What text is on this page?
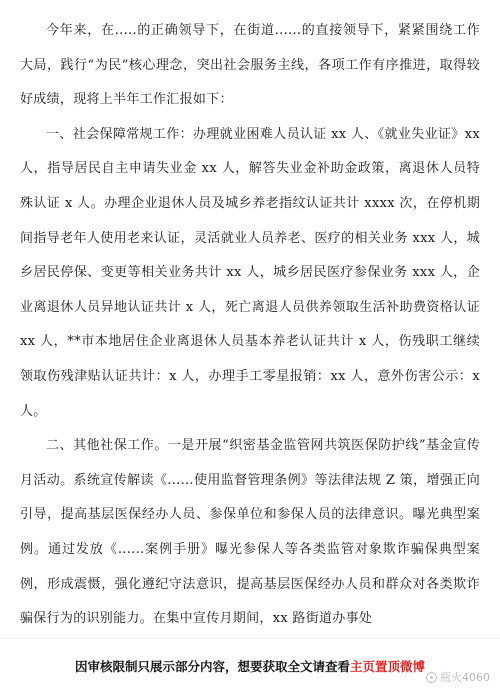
今年来，在.....的正确领导下，在街道......的直接领导下，紧紧围绕工作大局，践行“为民”核心理念，突出社会服务主线，各项工作有序推进，取得较好成绩，现将上半年工作汇报如下：

一、社会保障常规工作：办理就业困难人员认证 xx 人、《就业失业证》xx 人，指导居民自主申请失业金 xx 人，解答失业金补助金政策，离退休人员特殊认证 x 人。办理企业退休人员及城乡养老指纹认证共计 xxxx 次，在停机期间指导老年人使用老来认证，灵活就业人员养老、医疗的相关业务 xxx 人，城乡居民停保、变更等相关业务共计 xx 人，城乡居民医疗参保业务 xxx 人，企业离退休人员异地认证共计 x 人，死亡离退人员供养领取生活补助费资格认证 xx 人，**市本地居住企业离退休人员基本养老认证共计 x 人，伤残职工继续领取伤残津贴认证共计：x 人，办理手工零星报销：xx 人，意外伤害公示：x 人。

二、其他社保工作。一是开展“织密基金监管网共筑医保防护线”基金宣传月活动。系统宣传解读《......使用监督管理条例》等法律法规 Z 策，增强正向引导，提高基层医保经办人员、参保单位和参保人员的法律意识。曝光典型案例。通过发放《......案例手册》曝光参保人等各类监管对象欺诈骗保典型案例，形成震慑，强化遵纪守法意识，提高基层医保经办人员和群众对各类欺诈骗保行为的识别能力。在集中宣传月期间，xx 路街道办事处

因审核限制只展示部分内容，想要获取全文请查看主页置顶微博
瓶火4060
